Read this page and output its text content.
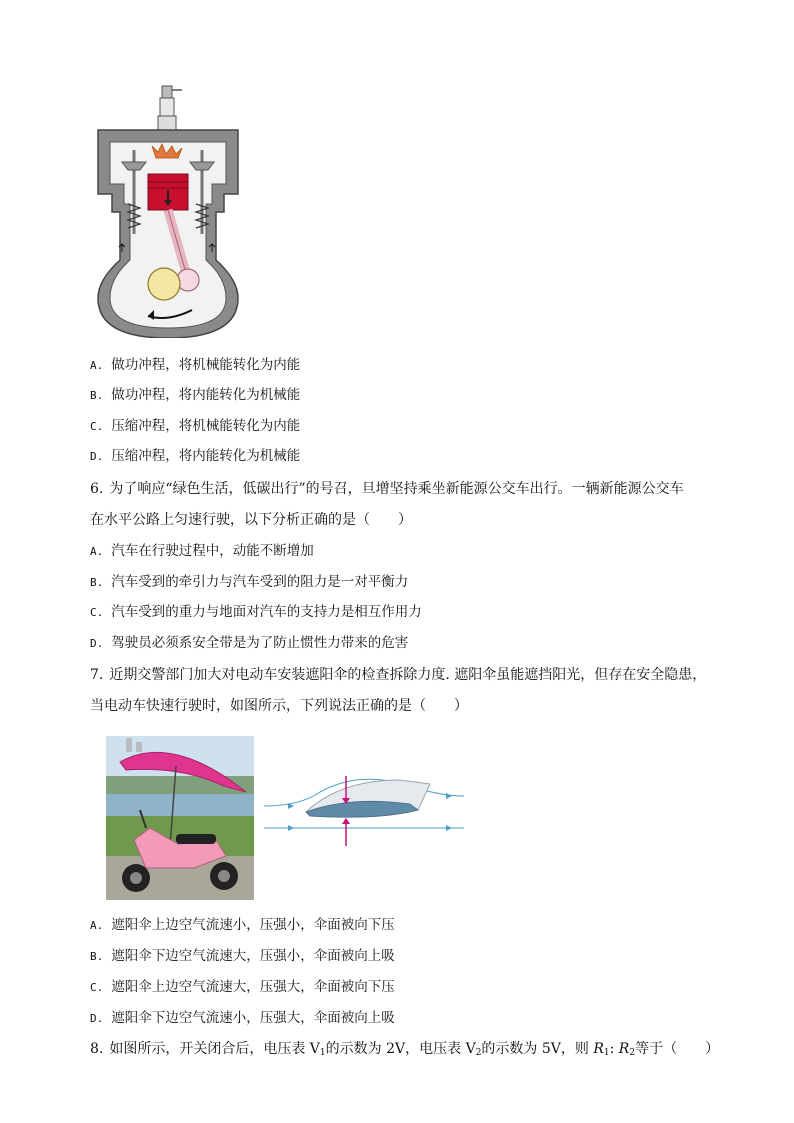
A. 做功冲程，将机械能转化为内能
B. 做功冲程，将内能转化为机械能
C. 压缩冲程，将机械能转化为内能
D. 压缩冲程，将内能转化为机械能
6. 为了响应“绿色生活，低碳出行”的号召，旦增坚持乘坐新能源公交车出行。一辆新能源公交车
在水平公路上匀速行驶，以下分析正确的是（　　）
A. 汽车在行驶过程中，动能不断增加
B. 汽车受到的牵引力与汽车受到的阻力是一对平衡力
C. 汽车受到的重力与地面对汽车的支持力是相互作用力
D. 驾驶员必须系安全带是为了防止惯性力带来的危害
7. 近期交警部门加大对电动车安装遮阳伞的检查拆除力度. 遮阳伞虽能遮挡阳光，但存在安全隐患，
当电动车快速行驶时，如图所示，下列说法正确的是（　　）
A. 遮阳伞上边空气流速小，压强小，伞面被向下压
B. 遮阳伞下边空气流速大，压强小，伞面被向上吸
C. 遮阳伞上边空气流速大，压强大，伞面被向下压
D. 遮阳伞下边空气流速小，压强大，伞面被向上吸
8. 如图所示，开关闭合后，电压表 $V_1$的示数为 2V，电压表 $V_2$的示数为 5V，则 $R_1$: $R_2$等于（　　）
